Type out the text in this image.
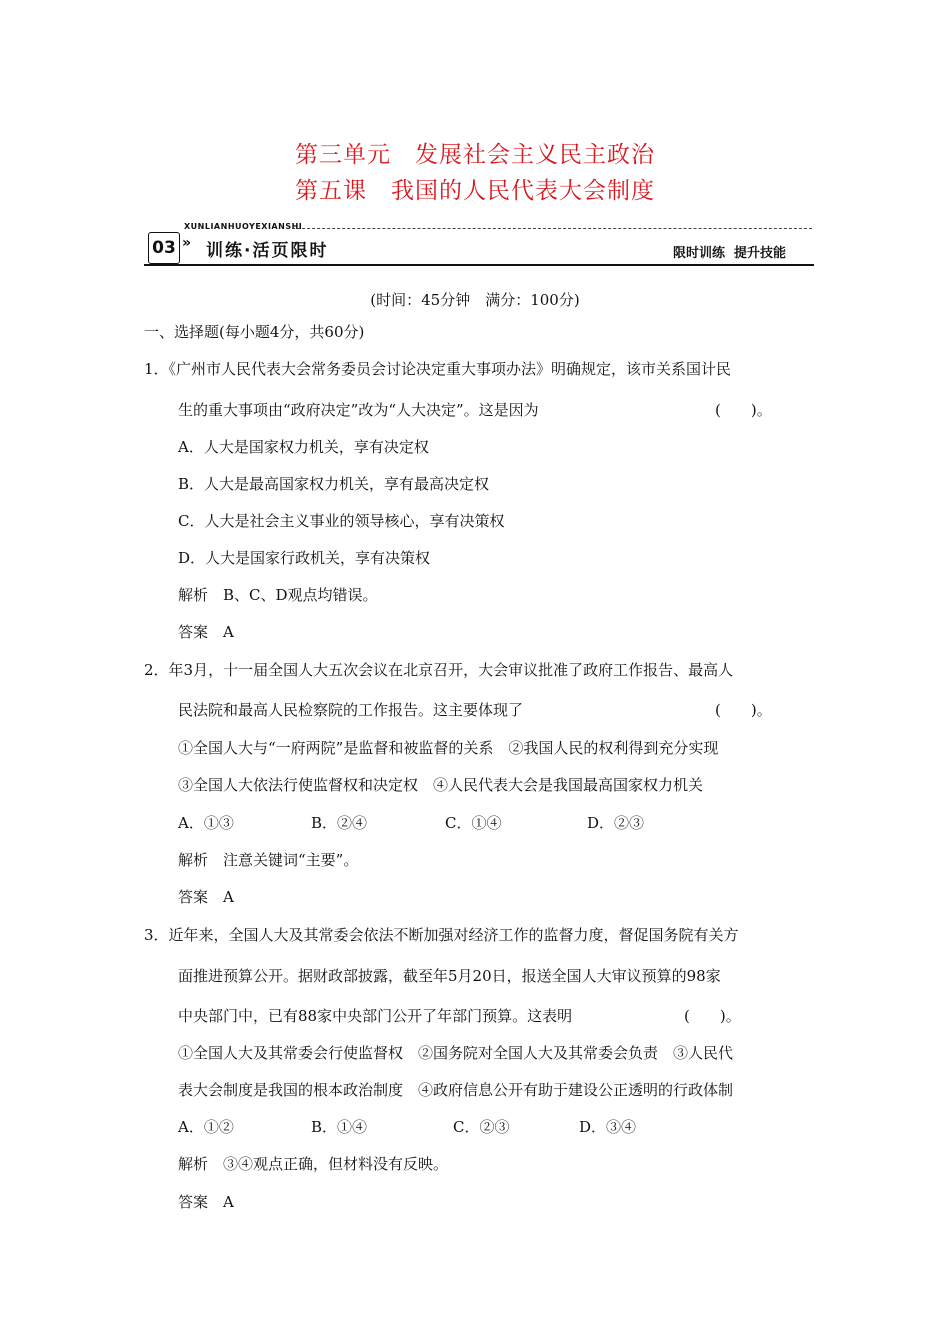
第三单元　发展社会主义民主政治
第五课　我国的人民代表大会制度
XUNLIANHUOYEXIANSHI
03 » 训练·活页限时	限时训练  提升技能
(时间：45分钟　满分：100分)
一、选择题(每小题4分，共60分)
1．《广州市人民代表大会常务委员会讨论决定重大事项办法》明确规定，该市关系国计民
生的重大事项由“政府决定”改为“人大决定”。这是因为	(　　)。
A．人大是国家权力机关，享有决定权
B．人大是最高国家权力机关，享有最高决定权
C．人大是社会主义事业的领导核心，享有决策权
D．人大是国家行政机关，享有决策权
解析　B、C、D观点均错误。
答案　A
2．年3月，十一届全国人大五次会议在北京召开，大会审议批准了政府工作报告、最高人
民法院和最高人民检察院的工作报告。这主要体现了	(　　)。
①全国人大与“一府两院”是监督和被监督的关系　②我国人民的权利得到充分实现
③全国人大依法行使监督权和决定权　④人民代表大会是我国最高国家权力机关
A．①③	B．②④	C．①④	D．②③
解析　注意关键词“主要”。
答案　A
3．近年来，全国人大及其常委会依法不断加强对经济工作的监督力度，督促国务院有关方
面推进预算公开。据财政部披露，截至年5月20日，报送全国人大审议预算的98家
中央部门中，已有88家中央部门公开了年部门预算。这表明	(　　)。
①全国人大及其常委会行使监督权　②国务院对全国人大及其常委会负责　③人民代
表大会制度是我国的根本政治制度　④政府信息公开有助于建设公正透明的行政体制
A．①②	B．①④	C．②③	D．③④
解析　③④观点正确，但材料没有反映。
答案　A
